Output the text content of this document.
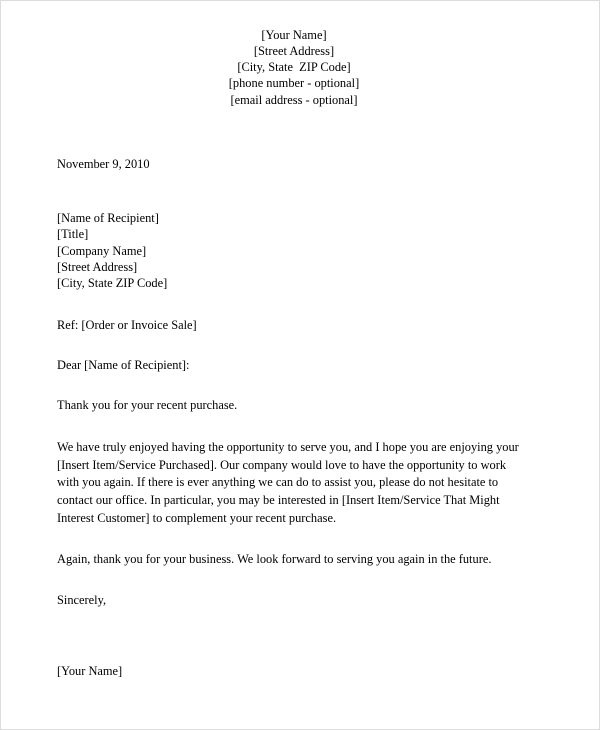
[Your Name]
[Street Address]
[City, State  ZIP Code]
[phone number - optional]
[email address - optional]
November 9, 2010
[Name of Recipient]
[Title]
[Company Name]
[Street Address]
[City, State ZIP Code]
Ref: [Order or Invoice Sale]
Dear [Name of Recipient]:
Thank you for your recent purchase.
We have truly enjoyed having the opportunity to serve you, and I hope you are enjoying your [Insert Item/Service Purchased]. Our company would love to have the opportunity to work with you again. If there is ever anything we can do to assist you, please do not hesitate to contact our office. In particular, you may be interested in [Insert Item/Service That Might Interest Customer] to complement your recent purchase.
Again, thank you for your business. We look forward to serving you again in the future.
Sincerely,
[Your Name]
